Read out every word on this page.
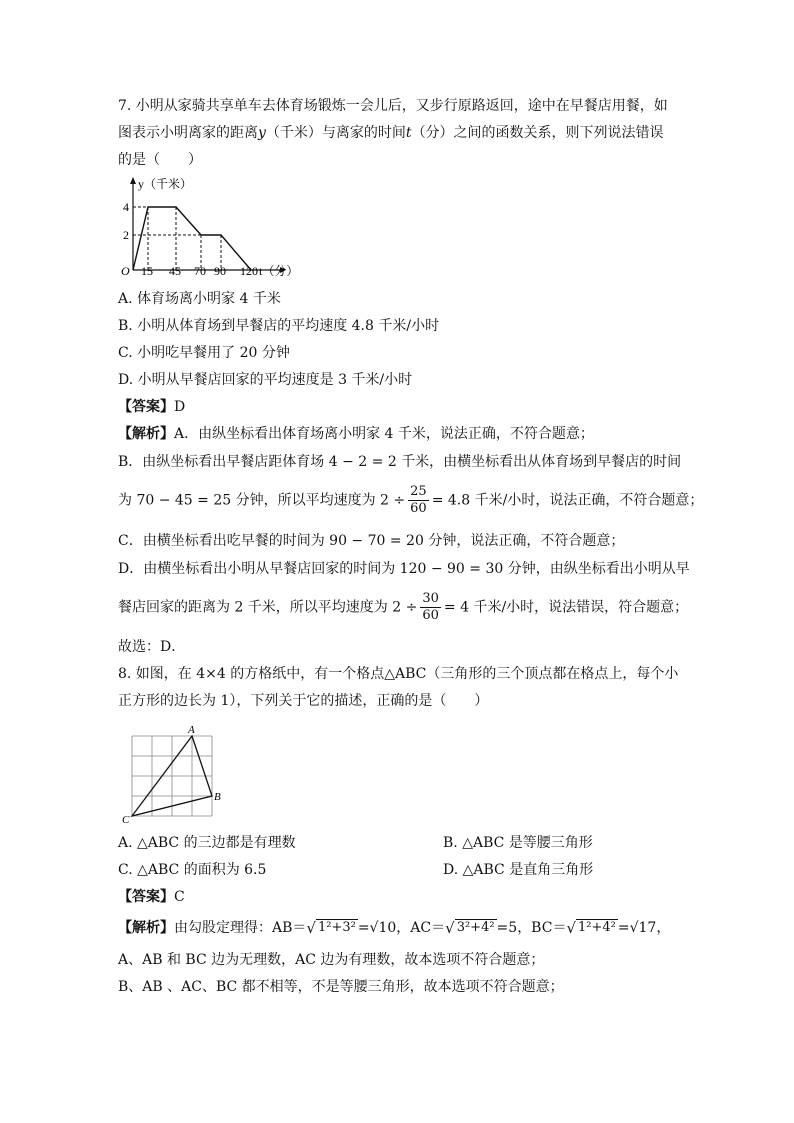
7. 小明从家骑共享单车去体育场锻炼一会儿后，又步行原路返回，途中在早餐店用餐，如
图表示小明离家的距离y（千米）与离家的时间t（分）之间的函数关系，则下列说法错误
的是（　　）
y（千米）
4
2
O 15 45 70 90 120 t（分）
A. 体育场离小明家 4 千米
B. 小明从体育场到早餐店的平均速度 4.8 千米/小时
C. 小明吃早餐用了 20 分钟
D. 小明从早餐店回家的平均速度是 3 千米/小时
【答案】D
【解析】A．由纵坐标看出体育场离小明家 4 千米，说法正确，不符合题意；
B．由纵坐标看出早餐店距体育场 4 − 2 = 2 千米，由横坐标看出从体育场到早餐店的时间
为 70 − 45 = 25 分钟，所以平均速度为 $2 \div \frac{25}{60} = 4.8$ 千米/小时，说法正确，不符合题意；
C．由横坐标看出吃早餐的时间为 90 − 70 = 20 分钟，说法正确，不符合题意；
D．由横坐标看出小明从早餐店回家的时间为 120 − 90 = 30 分钟，由纵坐标看出小明从早
餐店回家的距离为 2 千米，所以平均速度为 $2 \div \frac{30}{60} = 4$ 千米/小时，说法错误，符合题意；
故选：D．
8. 如图，在 4×4 的方格纸中，有一个格点△ABC（三角形的三个顶点都在格点上，每个小
正方形的边长为 1），下列关于它的描述，正确的是（　　）
A
B
C
A. △ABC 的三边都是有理数	B. △ABC 是等腰三角形
C. △ABC 的面积为 6.5	D. △ABC 是直角三角形
【答案】C
【解析】由勾股定理得：AB＝ √ 1²+3² =√10，AC＝ √ 3²+4² =5，BC＝ √ 1²+4² =√17，
A、AB 和 BC 边为无理数，AC 边为有理数，故本选项不符合题意；
B、AB 、AC、BC 都不相等，不是等腰三角形，故本选项不符合题意；
